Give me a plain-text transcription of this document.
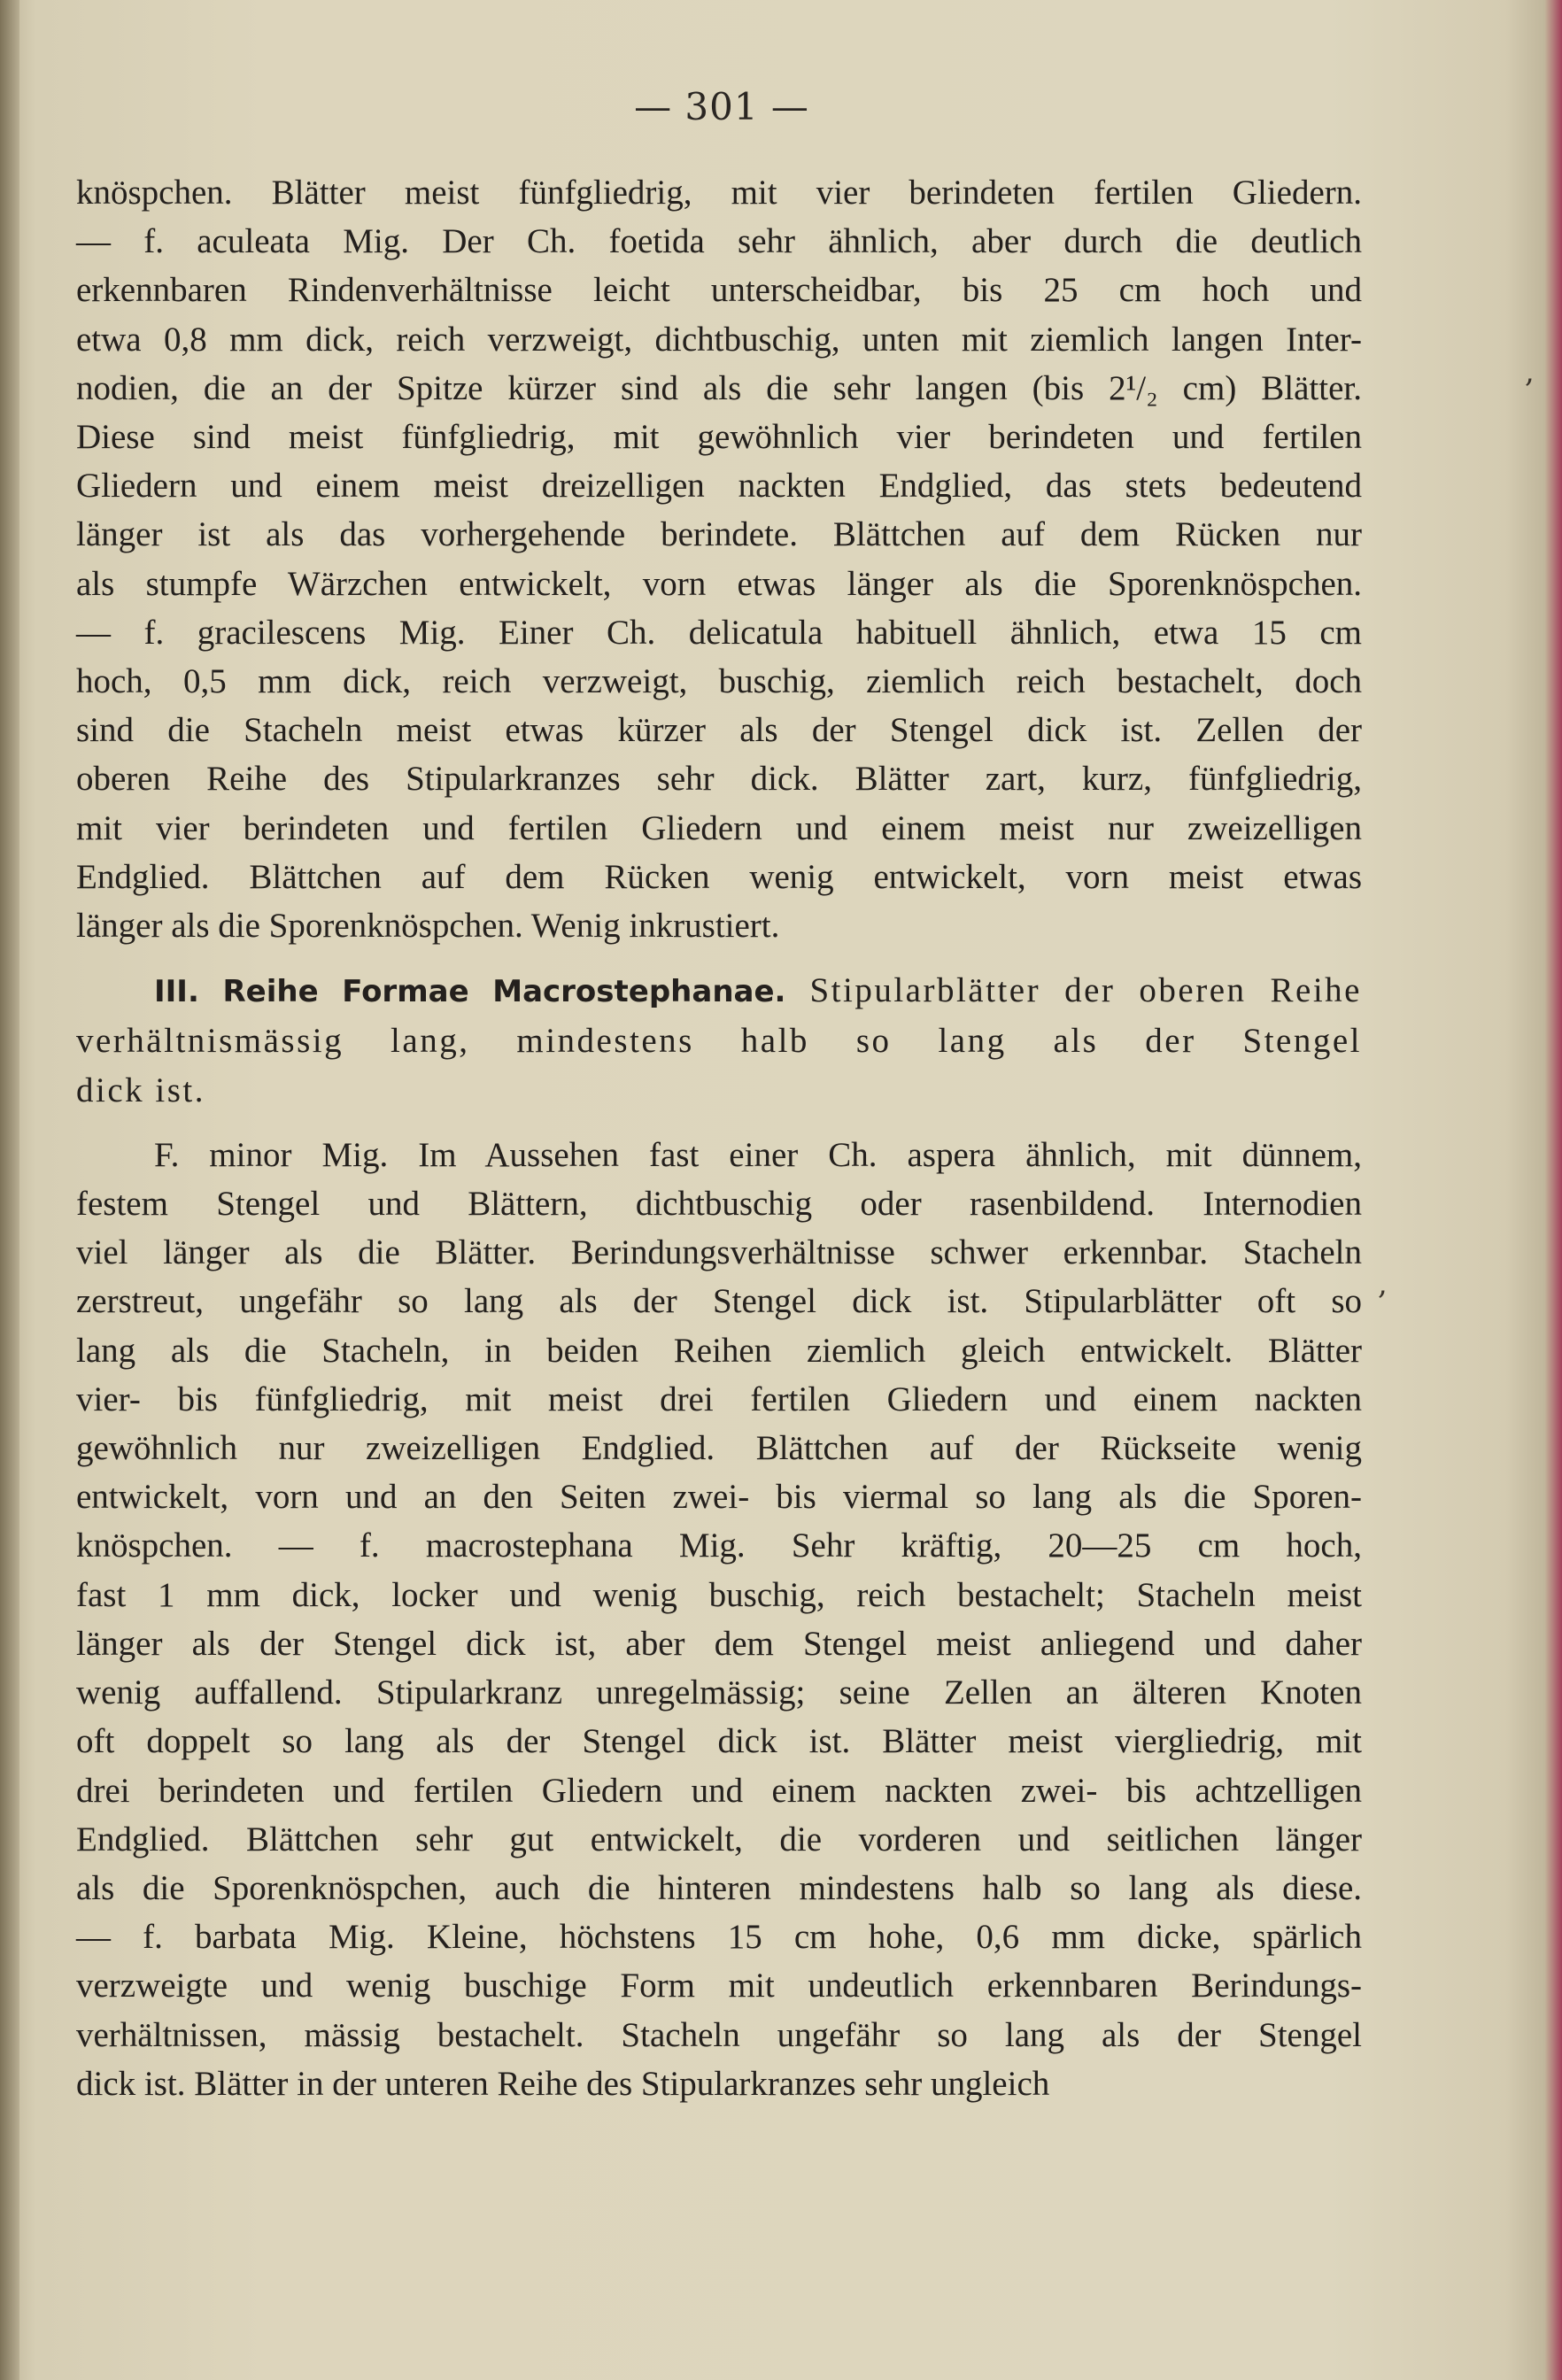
— 301 —
knöspchen. Blätter meist fünfgliedrig, mit vier berindeten fertilen Gliedern.
— f. aculeata Mig. Der Ch. foetida sehr ähnlich, aber durch die deutlich
erkennbaren Rindenverhältnisse leicht unterscheidbar, bis 25 cm hoch und
etwa 0,8 mm dick, reich verzweigt, dichtbuschig, unten mit ziemlich langen Inter-
nodien, die an der Spitze kürzer sind als die sehr langen (bis 2¹/₂ cm) Blätter.
Diese sind meist fünfgliedrig, mit gewöhnlich vier berindeten und fertilen
Gliedern und einem meist dreizelligen nackten Endglied, das stets bedeutend
länger ist als das vorhergehende berindete. Blättchen auf dem Rücken nur
als stumpfe Wärzchen entwickelt, vorn etwas länger als die Sporenknöspchen.
— f. gracilescens Mig. Einer Ch. delicatula habituell ähnlich, etwa 15 cm
hoch, 0,5 mm dick, reich verzweigt, buschig, ziemlich reich bestachelt, doch
sind die Stacheln meist etwas kürzer als der Stengel dick ist. Zellen der
oberen Reihe des Stipularkranzes sehr dick. Blätter zart, kurz, fünfgliedrig,
mit vier berindeten und fertilen Gliedern und einem meist nur zweizelligen
Endglied. Blättchen auf dem Rücken wenig entwickelt, vorn meist etwas
länger als die Sporenknöspchen. Wenig inkrustiert.
III. Reihe Formae Macrostephanae. Stipularblätter der oberen Reihe
verhältnismässig lang, mindestens halb so lang als der Stengel
dick ist.
F. minor Mig. Im Aussehen fast einer Ch. aspera ähnlich, mit dünnem,
festem Stengel und Blättern, dichtbuschig oder rasenbildend. Internodien
viel länger als die Blätter. Berindungsverhältnisse schwer erkennbar. Stacheln
zerstreut, ungefähr so lang als der Stengel dick ist. Stipularblätter oft so
lang als die Stacheln, in beiden Reihen ziemlich gleich entwickelt. Blätter
vier- bis fünfgliedrig, mit meist drei fertilen Gliedern und einem nackten
gewöhnlich nur zweizelligen Endglied. Blättchen auf der Rückseite wenig
entwickelt, vorn und an den Seiten zwei- bis viermal so lang als die Sporen-
knöspchen. — f. macrostephana Mig. Sehr kräftig, 20—25 cm hoch,
fast 1 mm dick, locker und wenig buschig, reich bestachelt; Stacheln meist
länger als der Stengel dick ist, aber dem Stengel meist anliegend und daher
wenig auffallend. Stipularkranz unregelmässig; seine Zellen an älteren Knoten
oft doppelt so lang als der Stengel dick ist. Blätter meist viergliedrig, mit
drei berindeten und fertilen Gliedern und einem nackten zwei- bis achtzelligen
Endglied. Blättchen sehr gut entwickelt, die vorderen und seitlichen länger
als die Sporenknöspchen, auch die hinteren mindestens halb so lang als diese.
— f. barbata Mig. Kleine, höchstens 15 cm hohe, 0,6 mm dicke, spärlich
verzweigte und wenig buschige Form mit undeutlich erkennbaren Berindungs-
verhältnissen, mässig bestachelt. Stacheln ungefähr so lang als der Stengel
dick ist. Blätter in der unteren Reihe des Stipularkranzes sehr ungleich
,
,
